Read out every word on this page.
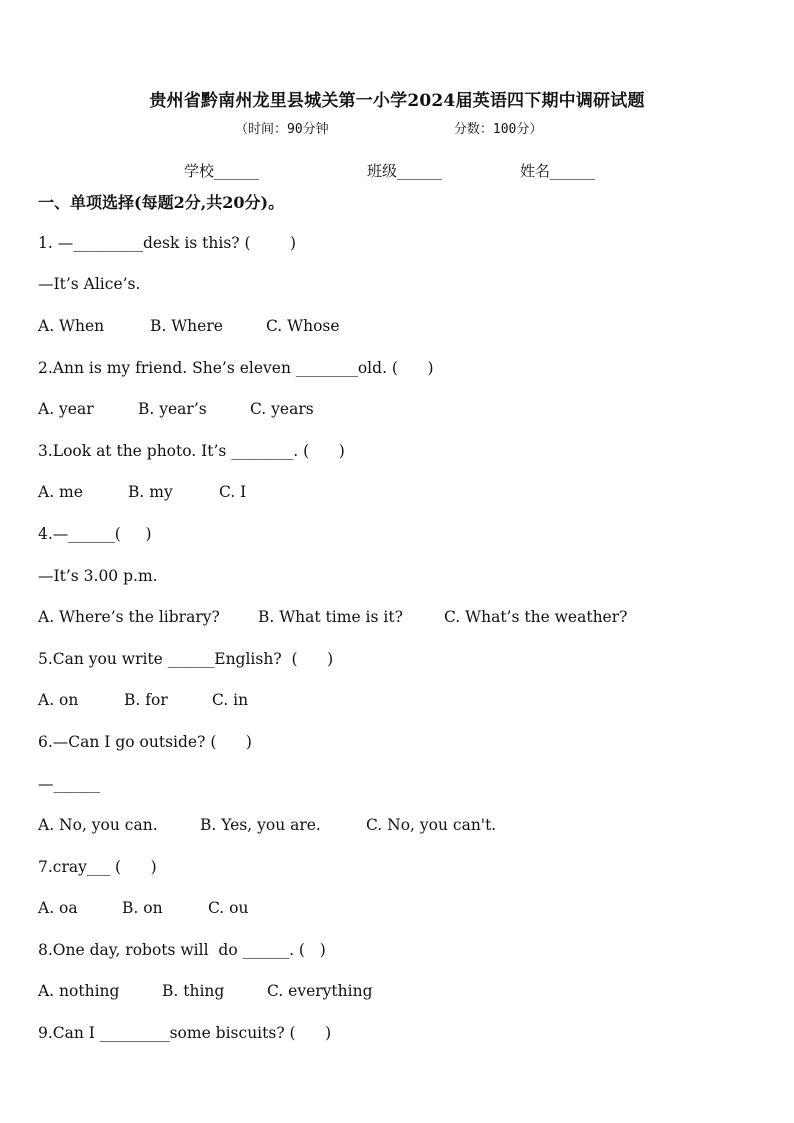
贵州省黔南州龙里县城关第一小学2024届英语四下期中调研试题
（时间：90分钟                分数：100分）
学校______	班级______	姓名______
一、单项选择(每题2分,共20分)。
1. —_________desk is this? (        )
—It’s Alice’s.
A. When	B. Where	C. Whose
2.Ann is my friend. She’s eleven ________old. (      )
A. year	B. year’s	C. years
3.Look at the photo. It’s ________. (      )
A. me	B. my	C. I
4.—______(     )
—It’s 3.00 p.m.
A. Where’s the library? B. What time is it?	C. What’s the weather?
5.Can you write ______English?  (      )
A. on	B. for	C. in
6.—Can I go outside? (      )
—______
A. No, you can.	B. Yes, you are.	C. No, you can't.
7.cray___ (      )
A. oa	B. on	C. ou
8.One day, robots will  do ______. (   )
A. nothing	B. thing	C. everything
9.Can I _________some biscuits? (      )
